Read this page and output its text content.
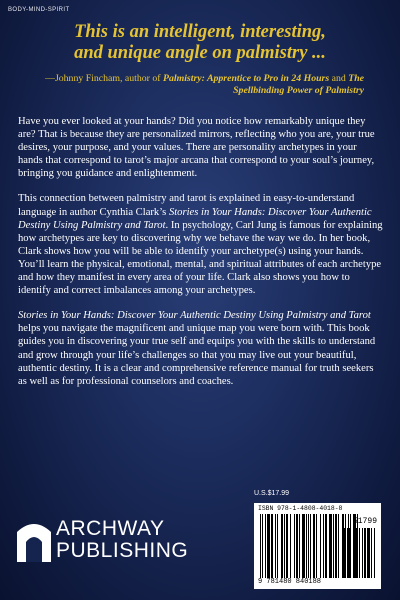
BODY-MIND-SPIRIT
This is an intelligent, interesting,
and unique angle on palmistry ...
—Johnny Fincham, author of Palmistry: Apprentice to Pro in 24 Hours and The Spellbinding Power of Palmistry

Have you ever looked at your hands? Did you notice how remarkably unique they are? That is because they are personalized mirrors, reflecting who you are, your true desires, your purpose, and your values. There are personality archetypes in your hands that correspond to tarot’s major arcana that correspond to your soul’s journey, bringing you guidance and enlightenment.

This connection between palmistry and tarot is explained in easy-to-understand language in author Cynthia Clark’s Stories in Your Hands: Discover Your Authentic Destiny Using Palmistry and Tarot. In psychology, Carl Jung is famous for explaining how archetypes are key to discovering why we behave the way we do. In her book, Clark shows how you will be able to identify your archetype(s) using your hands. You’ll learn the physical, emotional, mental, and spiritual attributes of each archetype and how they manifest in every area of your life. Clark also shows you how to identify and correct imbalances among your archetypes.

Stories in Your Hands: Discover Your Authentic Destiny Using Palmistry and Tarot helps you navigate the magnificent and unique map you were born with. This book guides you in discovering your true self and equips you with the skills to understand and grow through your life’s challenges so that you may live out your beautiful, authentic destiny. It is a clear and comprehensive reference manual for truth seekers as well as for professional counselors and coaches.

ARCHWAY
PUBLISHING
U.S.$17.99
ISBN 978-1-4808-4018-8
51799
9 781480 840188
